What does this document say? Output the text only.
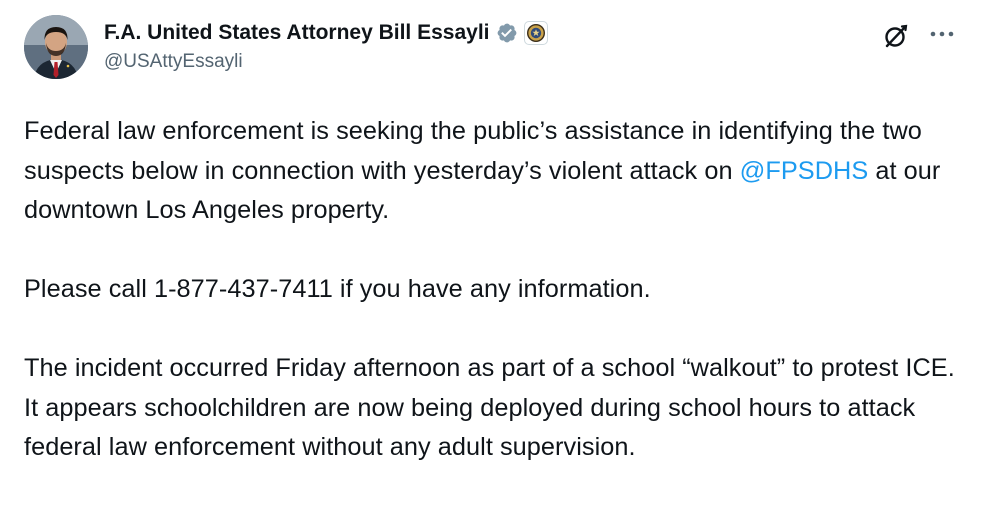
F.A. United States Attorney Bill Essayli
@USAttyEssayli

Federal law enforcement is seeking the public’s assistance in identifying the two suspects below in connection with yesterday’s violent attack on @FPSDHS at our downtown Los Angeles property.

Please call 1-877-437-7411 if you have any information.

The incident occurred Friday afternoon as part of a school “walkout” to protest ICE. It appears schoolchildren are now being deployed during school hours to attack federal law enforcement without any adult supervision.
